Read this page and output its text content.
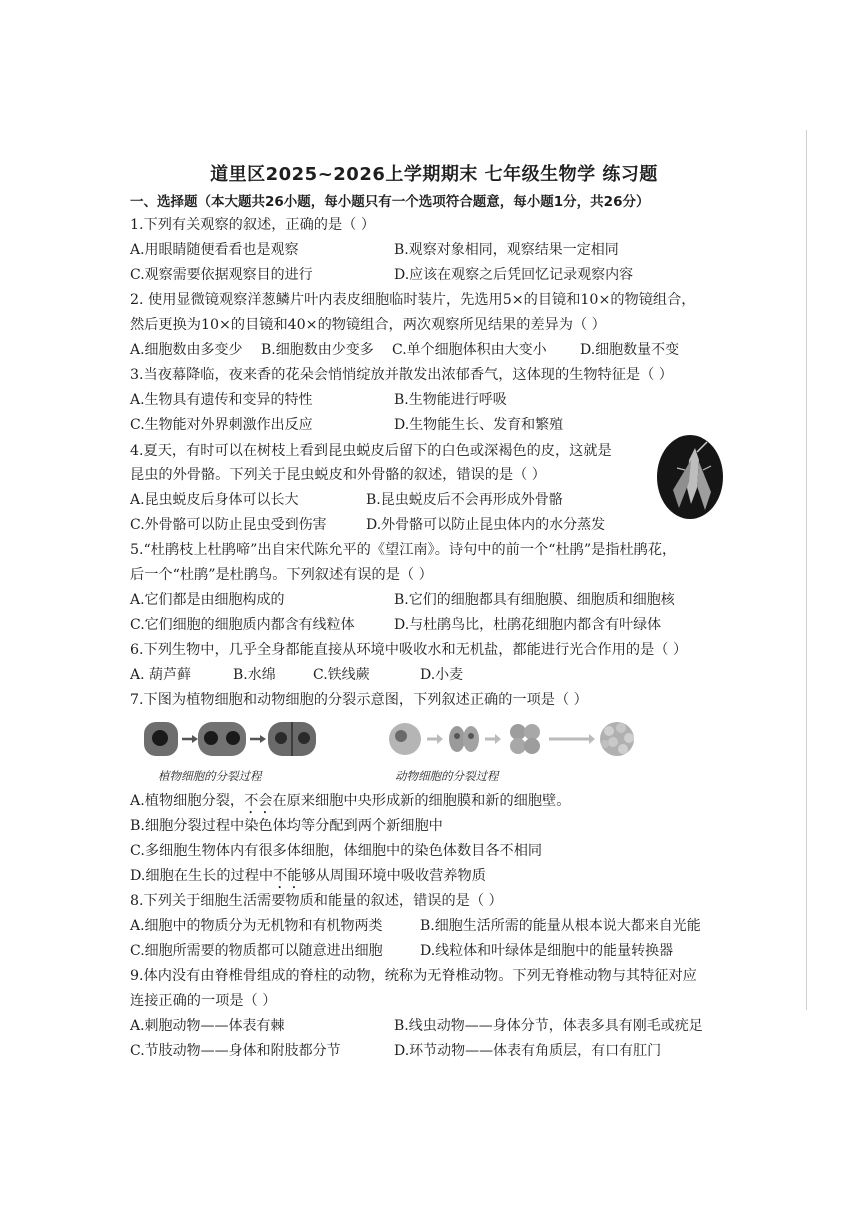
道里区2025~2026上学期期末 七年级生物学 练习题
一、选择题（本大题共26小题，每小题只有一个选项符合题意，每小题1分，共26分）
1.下列有关观察的叙述，正确的是（ ）
A.用眼睛随便看看也是观察	B.观察对象相同，观察结果一定相同
C.观察需要依据观察目的进行	D.应该在观察之后凭回忆记录观察内容
2. 使用显微镜观察洋葱鳞片叶内表皮细胞临时装片，先选用5×的目镜和10×的物镜组合，
然后更换为10×的目镜和40×的物镜组合，两次观察所见结果的差异为（ ）
A.细胞数由多变少 B.细胞数由少变多 C.单个细胞体积由大变小 D.细胞数量不变
3.当夜幕降临，夜来香的花朵会悄悄绽放并散发出浓郁香气，这体现的生物特征是（ ）
A.生物具有遗传和变异的特性	B.生物能进行呼吸
C.生物能对外界刺激作出反应	D.生物能生长、发育和繁殖
4.夏天，有时可以在树枝上看到昆虫蜕皮后留下的白色或深褐色的皮，这就是
昆虫的外骨骼。下列关于昆虫蜕皮和外骨骼的叙述，错误的是（ ）
A.昆虫蜕皮后身体可以长大	B.昆虫蜕皮后不会再形成外骨骼
C.外骨骼可以防止昆虫受到伤害	D.外骨骼可以防止昆虫体内的水分蒸发
蝉蜕
5.“杜鹃枝上杜鹃啼”出自宋代陈允平的《望江南》。诗句中的前一个“杜鹃”是指杜鹃花，
后一个“杜鹃”是杜鹃鸟。下列叙述有误的是（ ）
A.它们都是由细胞构成的	B.它们的细胞都具有细胞膜、细胞质和细胞核
C.它们细胞的细胞质内都含有线粒体	D.与杜鹃鸟比，杜鹃花细胞内都含有叶绿体
6.下列生物中，几乎全身都能直接从环境中吸收水和无机盐，都能进行光合作用的是（ ）
A. 葫芦藓	B.水绵	C.铁线蕨	D.小麦
7.下图为植物细胞和动物细胞的分裂示意图，下列叙述正确的一项是（ ）
植物细胞的分裂过程	动物细胞的分裂过程
A.植物细胞分裂，不会在原来细胞中央形成新的细胞膜和新的细胞壁。
B.细胞分裂过程中染色体均等分配到两个新细胞中
C.多细胞生物体内有很多体细胞，体细胞中的染色体数目各不相同
D.细胞在生长的过程中不能够从周围环境中吸收营养物质
8.下列关于细胞生活需要物质和能量的叙述，错误的是（ ）
A.细胞中的物质分为无机物和有机物两类	B.细胞生活所需的能量从根本说大都来自光能
C.细胞所需要的物质都可以随意进出细胞	D.线粒体和叶绿体是细胞中的能量转换器
9.体内没有由脊椎骨组成的脊柱的动物，统称为无脊椎动物。下列无脊椎动物与其特征对应
连接正确的一项是（ ）
A.刺胞动物——体表有棘	B.线虫动物——身体分节，体表多具有刚毛或疣足
C.节肢动物——身体和附肢都分节	D.环节动物——体表有角质层，有口有肛门
